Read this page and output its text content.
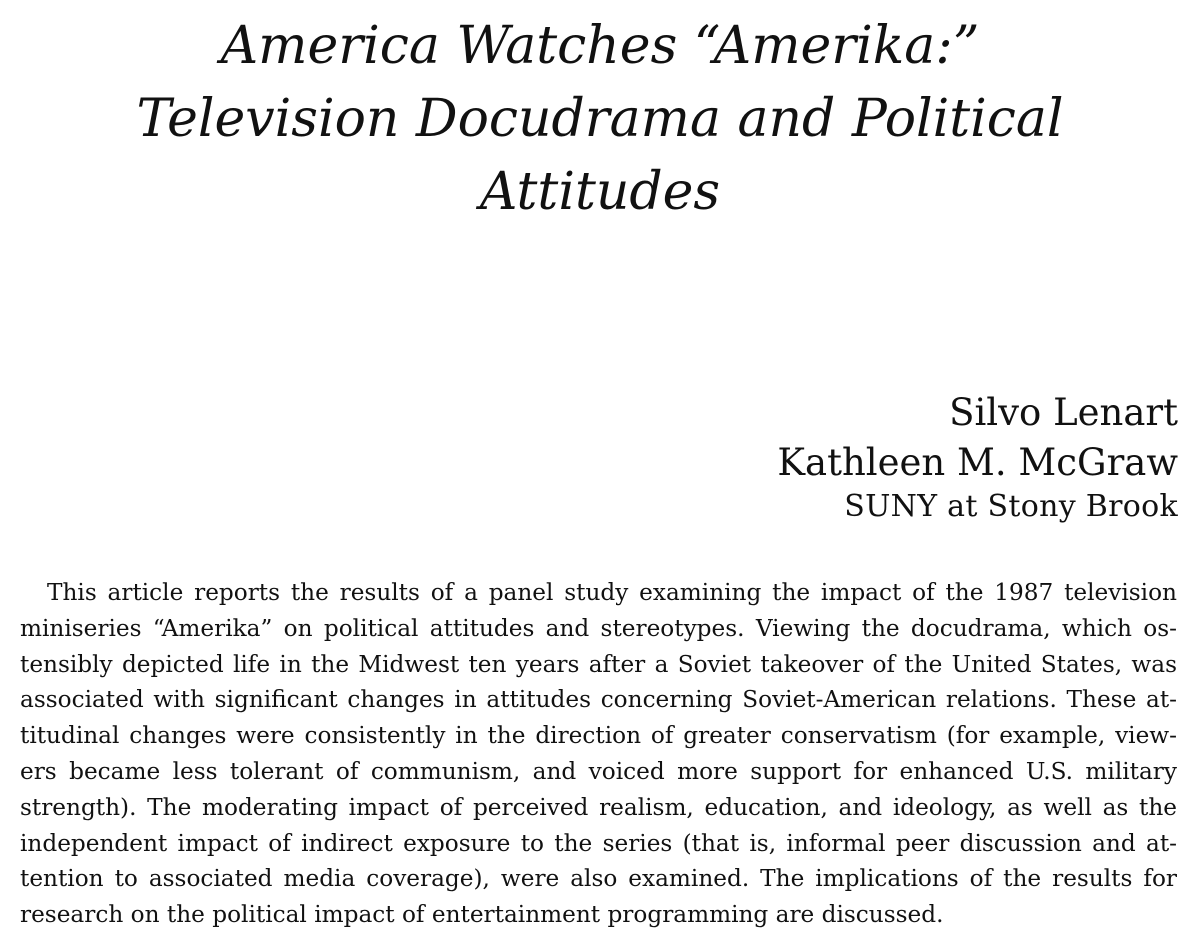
America Watches “Amerika:”
Television Docudrama and Political
Attitudes
Silvo Lenart
Kathleen M. McGraw
SUNY at Stony Brook

This article reports the results of a panel study examining the impact of the 1987 television
miniseries “Amerika” on political attitudes and stereotypes. Viewing the docudrama, which os-
tensibly depicted life in the Midwest ten years after a Soviet takeover of the United States, was
associated with significant changes in attitudes concerning Soviet-American relations. These at-
titudinal changes were consistently in the direction of greater conservatism (for example, view-
ers became less tolerant of communism, and voiced more support for enhanced U.S. military
strength). The moderating impact of perceived realism, education, and ideology, as well as the
independent impact of indirect exposure to the series (that is, informal peer discussion and at-
tention to associated media coverage), were also examined. The implications of the results for
research on the political impact of entertainment programming are discussed.
